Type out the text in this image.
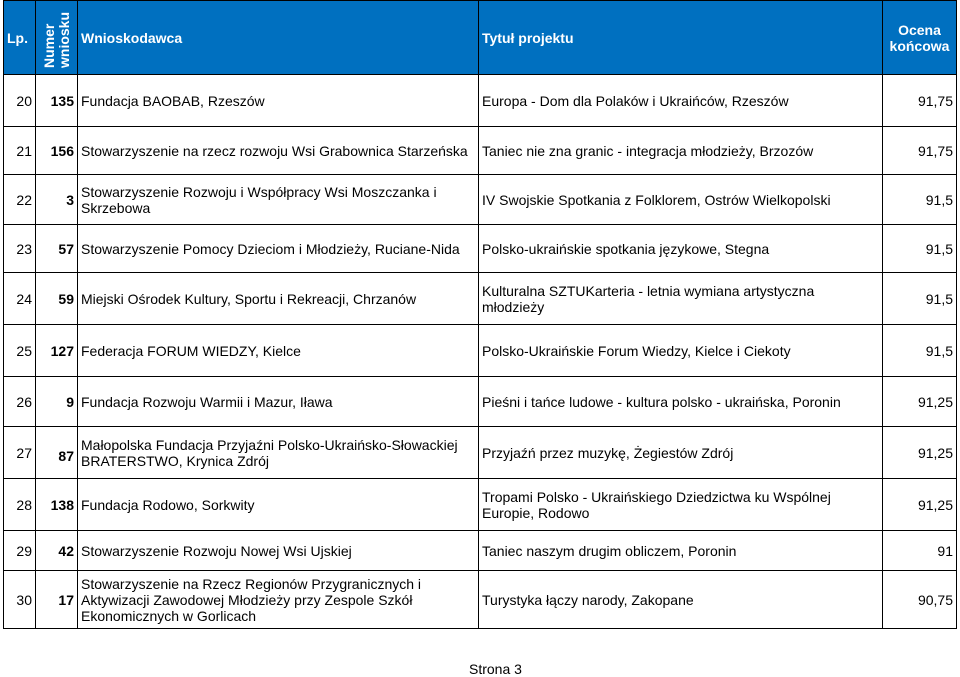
Lp.	Numer wniosku	Wnioskodawca	Tytuł projektu	Ocena końcowa
20	135	Fundacja BAOBAB, Rzeszów	Europa - Dom dla Polaków i Ukraińców, Rzeszów	91,75
21	156	Stowarzyszenie na rzecz rozwoju Wsi Grabownica Starzeńska	Taniec nie zna granic - integracja młodzieży, Brzozów	91,75
22	3	Stowarzyszenie Rozwoju i Współpracy Wsi Moszczanka i Skrzebowa	IV Swojskie Spotkania z Folklorem, Ostrów Wielkopolski	91,5
23	57	Stowarzyszenie Pomocy Dzieciom i Młodzieży, Ruciane-Nida	Polsko-ukraińskie spotkania językowe, Stegna	91,5
24	59	Miejski Ośrodek Kultury, Sportu i Rekreacji, Chrzanów	Kulturalna SZTUKarteria - letnia wymiana artystyczna młodzieży	91,5
25	127	Federacja FORUM WIEDZY, Kielce	Polsko-Ukraińskie Forum Wiedzy, Kielce i Ciekoty	91,5
26	9	Fundacja Rozwoju Warmii i Mazur, Iława	Pieśni i tańce ludowe - kultura polsko - ukraińska, Poronin	91,25
27	87	Małopolska Fundacja Przyjaźni Polsko-Ukraińsko-Słowackiej BRATERSTWO, Krynica Zdrój	Przyjaźń przez muzykę, Żegiestów Zdrój	91,25
28	138	Fundacja Rodowo, Sorkwity	Tropami Polsko - Ukraińskiego Dziedzictwa ku Wspólnej Europie, Rodowo	91,25
29	42	Stowarzyszenie Rozwoju Nowej Wsi Ujskiej	Taniec naszym drugim obliczem, Poronin	91
30	17	Stowarzyszenie na Rzecz Regionów Przygranicznych i Aktywizacji Zawodowej Młodzieży przy Zespole Szkół Ekonomicznych w Gorlicach	Turystyka łączy narody, Zakopane	90,75
Strona 3
